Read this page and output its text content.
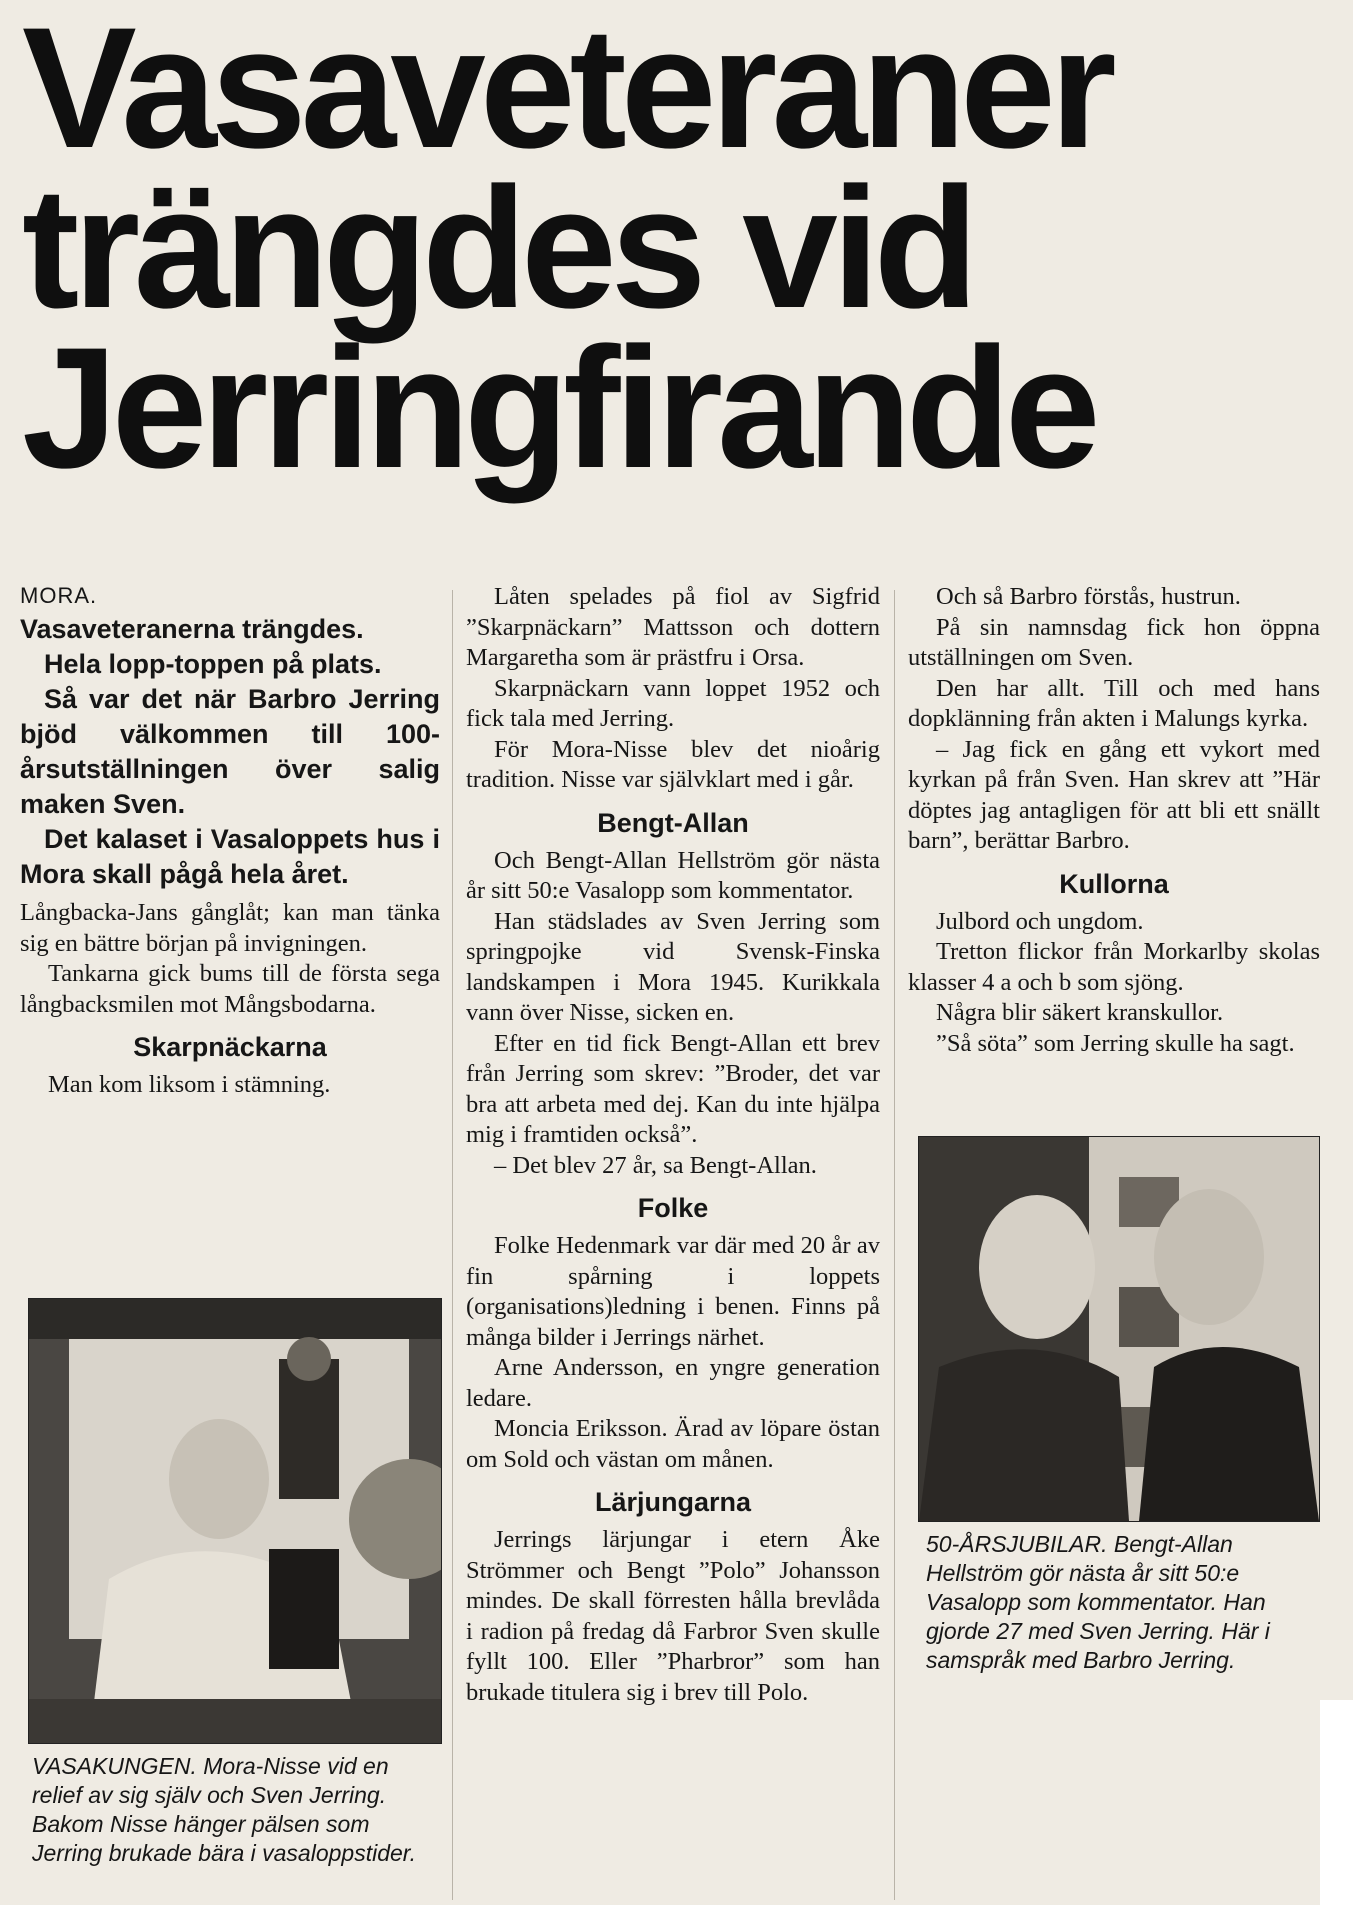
Vasaveteraner
trängdes vid
Jerringfirande
MORA.

Vasaveteranerna trängdes.

Hela lopp-toppen på plats.

Så var det när Barbro Jerring bjöd välkommen till 100-årsutställningen över salig maken Sven.

Det kalaset i Vasaloppets hus i Mora skall pågå hela året.

Långbacka-Jans gånglåt; kan man tänka sig en bättre början på invigningen.

Tankarna gick bums till de första sega långbacksmilen mot Mångsbodarna.

Skarpnäckarna

Man kom liksom i stämning.

VASAKUNGEN. Mora-Nisse vid en relief av sig själv och Sven Jerring. Bakom Nisse hänger pälsen som Jerring brukade bära i vasaloppstider.

Låten spelades på fiol av Sigfrid ”Skarpnäckarn” Mattsson och dottern Margaretha som är prästfru i Orsa.

Skarpnäckarn vann loppet 1952 och fick tala med Jerring.

För Mora-Nisse blev det nioårig tradition. Nisse var självklart med i går.

Bengt-Allan

Och Bengt-Allan Hellström gör nästa år sitt 50:e Vasalopp som kommentator.

Han städslades av Sven Jerring som springpojke vid Svensk-Finska landskampen i Mora 1945. Kurikkala vann över Nisse, sicken en.

Efter en tid fick Bengt-Allan ett brev från Jerring som skrev: ”Broder, det var bra att arbeta med dej. Kan du inte hjälpa mig i framtiden också”.

– Det blev 27 år, sa Bengt-Allan.

Folke

Folke Hedenmark var där med 20 år av fin spårning i loppets (organisations)ledning i benen. Finns på många bilder i Jerrings närhet.

Arne Andersson, en yngre generation ledare.

Moncia Eriksson. Ärad av löpare östan om Sold och västan om månen.

Lärjungarna

Jerrings lärjungar i etern Åke Strömmer och Bengt ”Polo” Johansson mindes. De skall förresten hålla brevlåda i radion på fredag då Farbror Sven skulle fyllt 100. Eller ”Pharbror” som han brukade titulera sig i brev till Polo.

Och så Barbro förstås, hustrun.

På sin namnsdag fick hon öppna utställningen om Sven.

Den har allt. Till och med hans dopklänning från akten i Malungs kyrka.

– Jag fick en gång ett vykort med kyrkan på från Sven. Han skrev att ”Här döptes jag antagligen för att bli ett snällt barn”, berättar Barbro.

Kullorna

Julbord och ungdom.

Tretton flickor från Morkarlby skolas klasser 4 a och b som sjöng.

Några blir säkert kranskullor.

”Så söta” som Jerring skulle ha sagt.

50-ÅRSJUBILAR. Bengt-Allan Hellström gör nästa år sitt 50:e Vasalopp som kommentator. Han gjorde 27 med Sven Jerring. Här i samspråk med Barbro Jerring.
